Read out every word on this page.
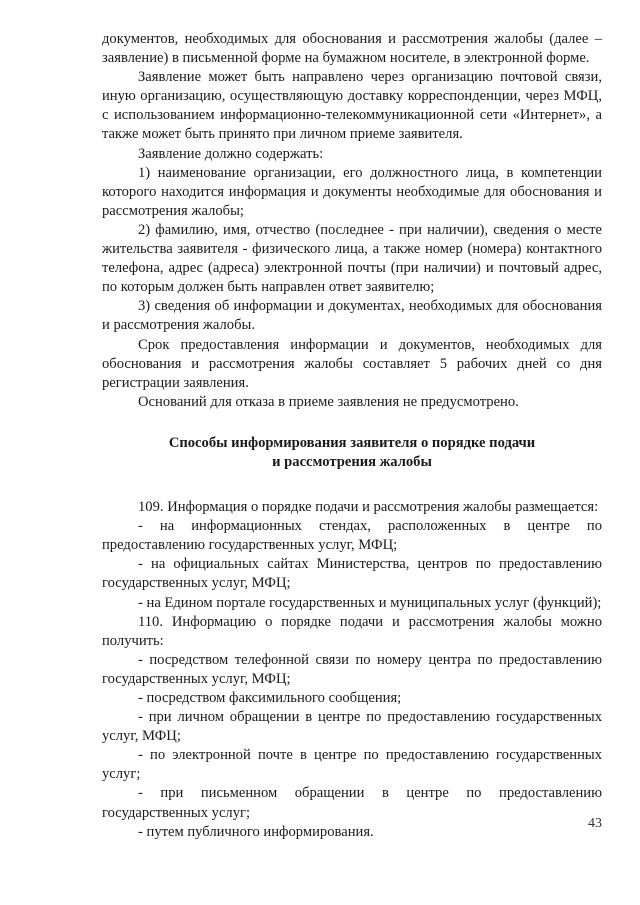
документов, необходимых для обоснования и рассмотрения жалобы (далее – заявление) в письменной форме на бумажном носителе, в электронной форме.

Заявление может быть направлено через организацию почтовой связи, иную организацию, осуществляющую доставку корреспонденции, через МФЦ, с использованием информационно-телекоммуникационной сети «Интернет», а также может быть принято при личном приеме заявителя.

Заявление должно содержать:

1) наименование организации, его должностного лица, в компетенции которого находится информация и документы необходимые для обоснования и рассмотрения жалобы;

2) фамилию, имя, отчество (последнее - при наличии), сведения о месте жительства заявителя - физического лица, а также номер (номера) контактного телефона, адрес (адреса) электронной почты (при наличии) и почтовый адрес, по которым должен быть направлен ответ заявителю;

3) сведения об информации и документах, необходимых для обоснования и рассмотрения жалобы.

Срок предоставления информации и документов, необходимых для обоснования и рассмотрения жалобы составляет 5 рабочих дней со дня регистрации заявления.

Оснований для отказа в приеме заявления не предусмотрено.

Способы информирования заявителя о порядке подачи
и рассмотрения жалобы

109. Информация о порядке подачи и рассмотрения жалобы размещается:

- на информационных стендах, расположенных в центре по предоставлению государственных услуг, МФЦ;

- на официальных сайтах Министерства, центров по предоставлению государственных услуг, МФЦ;

- на Едином портале государственных и муниципальных услуг (функций);

110. Информацию о порядке подачи и рассмотрения жалобы можно получить:

- посредством телефонной связи по номеру центра по предоставлению государственных услуг, МФЦ;

- посредством факсимильного сообщения;

- при личном обращении в центре по предоставлению государственных услуг, МФЦ;

- по электронной почте в центре по предоставлению государственных услуг;

- при письменном обращении в центре по предоставлению государственных услуг;

- путем публичного информирования.

43
